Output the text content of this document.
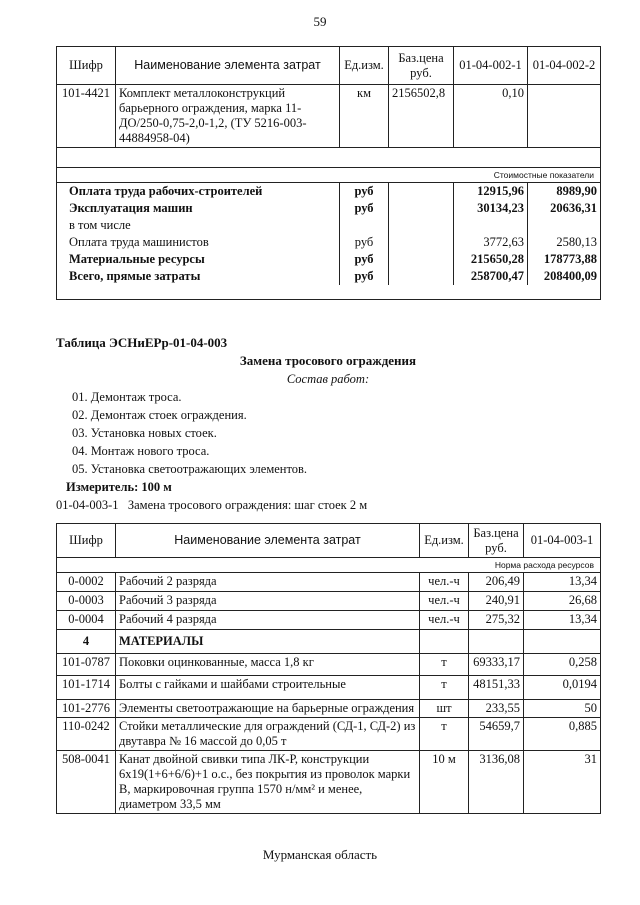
59
Шифр	Наименование элемента затрат	Ед.изм.	Баз.цена руб.	01-04-002-1	01-04-002-2
101-4421	Комплект металлоконструкций барьерного ограждения, марка 11-ДО/250-0,75-2,0-1,2, (ТУ 5216-003-44884958-04)	км	2156502,8	0,10	

Стоимостные показатели					
Оплата труда рабочих-строителей		руб		12915,96	8989,90
Эксплуатация машин		руб		30134,23	20636,31
в том числе					
Оплата труда машинистов		руб		3772,63	2580,13
Материальные ресурсы		руб		215650,28	178773,88
Всего, прямые затраты		руб		258700,47	208400,09

Таблица ЭСНиЕРр-01-04-003
Замена тросового ограждения
Состав работ:
01. Демонтаж троса.
02. Демонтаж стоек ограждения.
03. Установка новых стоек.
04. Монтаж нового троса.
05. Установка светоотражающих элементов.
Измеритель: 100 м
01-04-003-1   Замена тросового ограждения: шаг стоек 2 м
Шифр	Наименование элемента затрат	Ед.изм.	Баз.цена руб.	01-04-003-1
Норма расхода ресурсов				
0-0002	Рабочий 2 разряда	чел.-ч	206,49	13,34
0-0003	Рабочий 3 разряда	чел.-ч	240,91	26,68
0-0004	Рабочий 4 разряда	чел.-ч	275,32	13,34
4	МАТЕРИАЛЫ			
101-0787	Поковки оцинкованные, масса 1,8 кг	т	69333,17	0,258
101-1714	Болты с гайками и шайбами строительные	т	48151,33	0,0194
101-2776	Элементы светоотражающие на барьерные ограждения	шт	233,55	50
110-0242	Стойки металлические для ограждений (СД-1, СД-2) из двутавра № 16 массой до 0,05 т	т	54659,7	0,885
508-0041	Канат двойной свивки типа ЛК-Р, конструкции 6x19(1+6+6/6)+1 о.с., без покрытия из проволок марки В, маркировочная группа 1570 н/мм² и менее, диаметром 33,5 мм	10 м	3136,08	31
Мурманская область
